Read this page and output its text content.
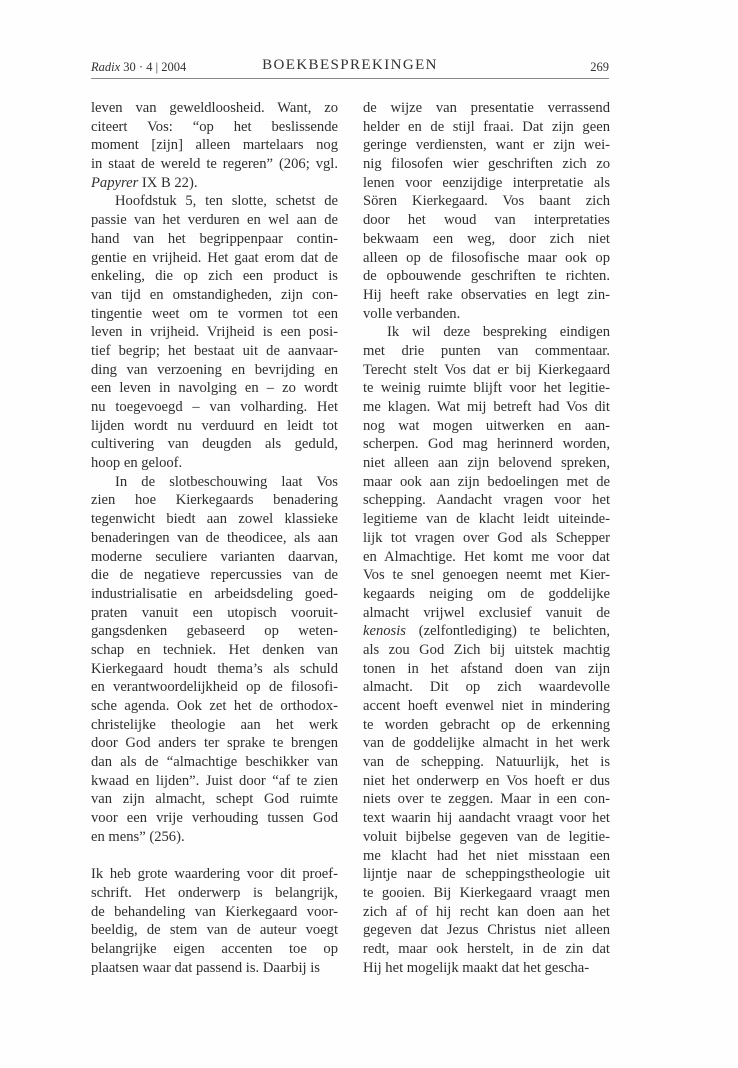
Radix 30 · 4 | 2004	BOEKBESPREKINGEN	269
leven van geweldloosheid. Want, zo
citeert Vos: “op het beslissende
moment [zijn] alleen martelaars nog
in staat de wereld te regeren” (206; vgl.
Papyrer IX B 22).
Hoofdstuk 5, ten slotte, schetst de
passie van het verduren en wel aan de
hand van het begrippenpaar contin-
gentie en vrijheid. Het gaat erom dat de
enkeling, die op zich een product is
van tijd en omstandigheden, zijn con-
tingentie weet om te vormen tot een
leven in vrijheid. Vrijheid is een posi-
tief begrip; het bestaat uit de aanvaar-
ding van verzoening en bevrijding en
een leven in navolging en – zo wordt
nu toegevoegd – van volharding. Het
lijden wordt nu verduurd en leidt tot
cultivering van deugden als geduld,
hoop en geloof.
In de slotbeschouwing laat Vos
zien hoe Kierkegaards benadering
tegenwicht biedt aan zowel klassieke
benaderingen van de theodicee, als aan
moderne seculiere varianten daarvan,
die de negatieve repercussies van de
industrialisatie en arbeidsdeling goed-
praten vanuit een utopisch vooruit-
gangsdenken gebaseerd op weten-
schap en techniek. Het denken van
Kierkegaard houdt thema’s als schuld
en verantwoordelijkheid op de filosofi-
sche agenda. Ook zet het de orthodox-
christelijke theologie aan het werk
door God anders ter sprake te brengen
dan als de “almachtige beschikker van
kwaad en lijden”. Juist door “af te zien
van zijn almacht, schept God ruimte
voor een vrije verhouding tussen God
en mens” (256).

Ik heb grote waardering voor dit proef-
schrift. Het onderwerp is belangrijk,
de behandeling van Kierkegaard voor-
beeldig, de stem van de auteur voegt
belangrijke eigen accenten toe op
plaatsen waar dat passend is. Daarbij is
de wijze van presentatie verrassend
helder en de stijl fraai. Dat zijn geen
geringe verdiensten, want er zijn wei-
nig filosofen wier geschriften zich zo
lenen voor eenzijdige interpretatie als
Sören Kierkegaard. Vos baant zich
door het woud van interpretaties
bekwaam een weg, door zich niet
alleen op de filosofische maar ook op
de opbouwende geschriften te richten.
Hij heeft rake observaties en legt zin-
volle verbanden.
Ik wil deze bespreking eindigen
met drie punten van commentaar.
Terecht stelt Vos dat er bij Kierkegaard
te weinig ruimte blijft voor het legitie-
me klagen. Wat mij betreft had Vos dit
nog wat mogen uitwerken en aan-
scherpen. God mag herinnerd worden,
niet alleen aan zijn belovend spreken,
maar ook aan zijn bedoelingen met de
schepping. Aandacht vragen voor het
legitieme van de klacht leidt uiteinde-
lijk tot vragen over God als Schepper
en Almachtige. Het komt me voor dat
Vos te snel genoegen neemt met Kier-
kegaards neiging om de goddelijke
almacht vrijwel exclusief vanuit de
kenosis (zelfontlediging) te belichten,
als zou God Zich bij uitstek machtig
tonen in het afstand doen van zijn
almacht. Dit op zich waardevolle
accent hoeft evenwel niet in mindering
te worden gebracht op de erkenning
van de goddelijke almacht in het werk
van de schepping. Natuurlijk, het is
niet het onderwerp en Vos hoeft er dus
niets over te zeggen. Maar in een con-
text waarin hij aandacht vraagt voor het
voluit bijbelse gegeven van de legitie-
me klacht had het niet misstaan een
lijntje naar de scheppingstheologie uit
te gooien. Bij Kierkegaard vraagt men
zich af of hij recht kan doen aan het
gegeven dat Jezus Christus niet alleen
redt, maar ook herstelt, in de zin dat
Hij het mogelijk maakt dat het gescha-
